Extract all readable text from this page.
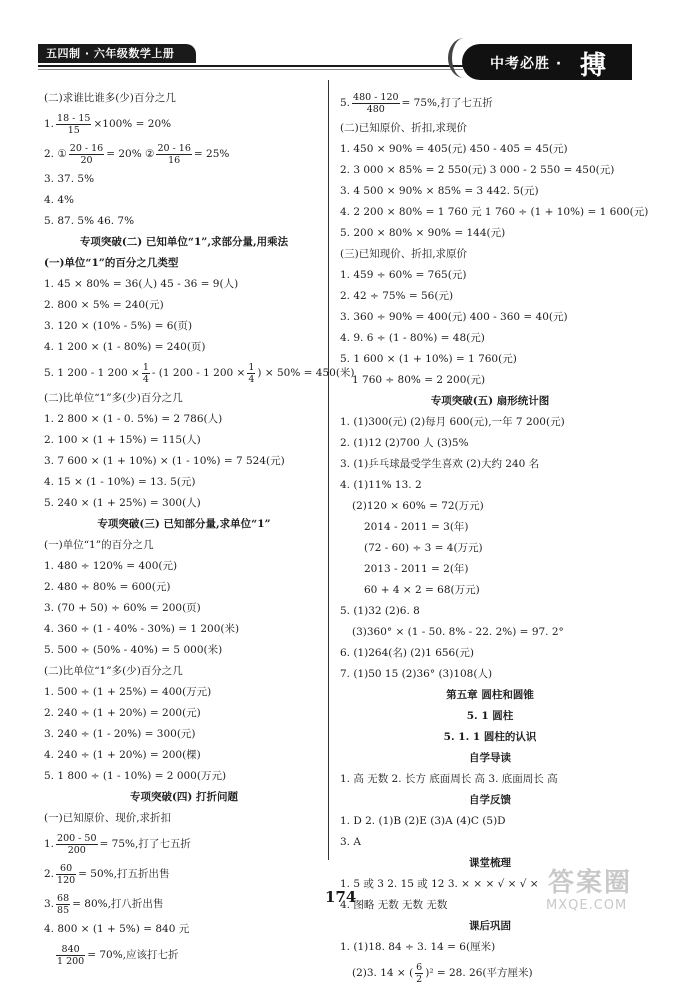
五四制 · 六年级数学上册
中考必胜 · 搏
(二)求谁比谁多(少)百分之几
1. $\frac{18 - 15}{15} \times 100\% = 20\%$
2. ① $\frac{20 - 16}{20} = 20\%$ ② $\frac{20 - 16}{16} = 25\%$
3. 37. 5%
4. 4%
5. 87. 5% 46. 7%
专项突破(二) 已知单位“1”,求部分量,用乘法
(一)单位“1”的百分之几类型
1. 45 × 80% = 36(人) 45 - 36 = 9(人)
2. 800 × 5% = 240(元)
3. 120 × (10% - 5%) = 6(页)
4. 1 200 × (1 - 80%) = 240(页)
5. 1 200 - 1 $200 \times \frac{1}{4} - (1$ 200 - 1 $200 \times \frac{1}{4}$ ) × 50% = 450(米)
(二)比单位“1”多(少)百分之几
1. 2 800 × (1 - 0. 5%) = 2 786(人)
2. 100 × (1 + 15%) = 115(人)
3. 7 600 × (1 + 10%) × (1 - 10%) = 7 524(元)
4. 15 × (1 - 10%) = 13. 5(元)
5. 240 × (1 + 25%) = 300(人)
专项突破(三) 已知部分量,求单位“1”
(一)单位“1”的百分之几
1. 480 ÷ 120% = 400(元)
2. 480 ÷ 80% = 600(元)
3. (70 + 50) ÷ 60% = 200(页)
4. 360 ÷ (1 - 40% - 30%) = 1 200(米)
5. 500 ÷ (50% - 40%) = 5 000(米)
(二)比单位“1”多(少)百分之几
1. 500 ÷ (1 + 25%) = 400(万元)
2. 240 ÷ (1 + 20%) = 200(元)
3. 240 ÷ (1 - 20%) = 300(元)
4. 240 ÷ (1 + 20%) = 200(棵)
5. 1 800 ÷ (1 - 10%) = 2 000(万元)
专项突破(四) 打折问题
(一)已知原价、现价,求折扣
1. $\frac{200 - 50}{200} = 75\%$,打了七五折
2. $\frac{60}{120} = 50\%$,打五折出售
3. $\frac{68}{85} = 80\%$,打八折出售
4. 800 × (1 + 5%) = 840 元
$\frac{840}{1 200} = 70\%$,应该打七折
5. $\frac{480 - 120}{480} = 75\%$,打了七五折
(二)已知原价、折扣,求现价
1. 450 × 90% = 405(元) 450 - 405 = 45(元)
2. 3 000 × 85% = 2 550(元) 3 000 - 2 550 = 450(元)
3. 4 500 × 90% × 85% = 3 442. 5(元)
4. 2 200 × 80% = 1 760 元 1 760 ÷ (1 + 10%) = 1 600(元)
5. 200 × 80% × 90% = 144(元)
(三)已知现价、折扣,求原价
1. 459 ÷ 60% = 765(元)
2. 42 ÷ 75% = 56(元)
3. 360 ÷ 90% = 400(元) 400 - 360 = 40(元)
4. 9. 6 ÷ (1 - 80%) = 48(元)
5. 1 600 × (1 + 10%) = 1 760(元)
1 760 ÷ 80% = 2 200(元)
专项突破(五) 扇形统计图
1. (1)300(元) (2)每月 600(元),一年 7 200(元)
2. (1)12 (2)700 人 (3)5%
3. (1)乒乓球最受学生喜欢 (2)大约 240 名
4. (1)11% 13. 2
(2)120 × 60% = 72(万元)
2014 - 2011 = 3(年)
(72 - 60) ÷ 3 = 4(万元)
2013 - 2011 = 2(年)
60 + 4 × 2 = 68(万元)
5. (1)32 (2)6. 8
(3)360° × (1 - 50. 8% - 22. 2%) = 97. 2°
6. (1)264(名) (2)1 656(元)
7. (1)50 15 (2)36° (3)108(人)
第五章 圆柱和圆锥
5. 1 圆柱
5. 1. 1 圆柱的认识
自学导读
1. 高 无数 2. 长方 底面周长 高 3. 底面周长 高
自学反馈
1. D 2. (1)B (2)E (3)A (4)C (5)D
3. A
课堂梳理
1. 5 或 3 2. 15 或 12 3. × × × √ × √ ×
4. 图略 无数 无数 无数
课后巩固
1. (1)18. 84 ÷ 3. 14 = 6(厘米)
(2)3. 14 × ( $\frac{6}{2} )^2 = 28$. 26(平方厘米)
174	答案圈
MXQE.COM
